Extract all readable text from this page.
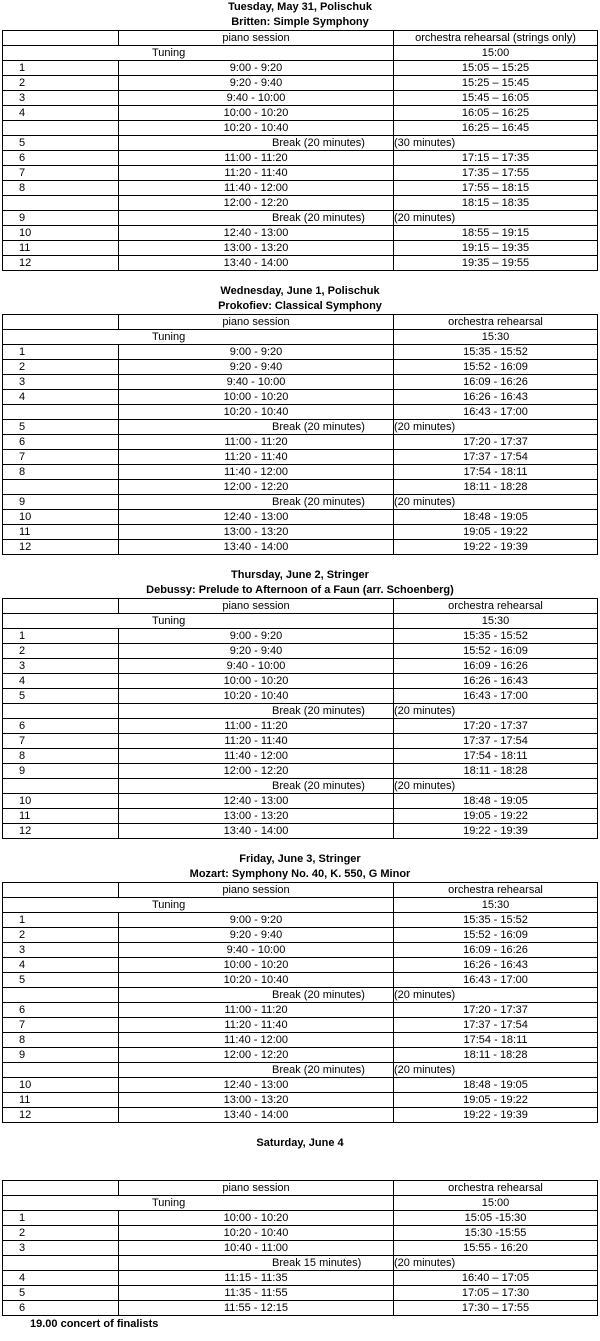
Tuesday, May 31, Polischuk
Britten: Simple Symphony
	piano session	orchestra rehearsal (strings only)
Tuning		15:00
1	9:00 - 9:20	15:05 – 15:25
2	9:20 - 9:40	15:25 – 15:45
3	9:40 - 10:00	15:45 – 16:05
4	10:00 - 10:20	16:05 – 16:25
	10:20 - 10:40	16:25 – 16:45
5	Break (20 minutes)	(30 minutes)
6	11:00 - 11:20	17:15 – 17:35
7	11:20 - 11:40	17:35 – 17:55
8	11:40 - 12:00	17:55 – 18:15
	12:00 - 12:20	18:15 – 18:35
9	Break (20 minutes)	(20 minutes)
10	12:40 - 13:00	18:55 – 19:15
11	13:00 - 13:20	19:15 – 19:35
12	13:40 - 14:00	19:35 – 19:55
Wednesday, June 1, Polischuk
Prokofiev: Classical Symphony
	piano session	orchestra rehearsal
Tuning		15:30
1	9:00 - 9:20	15:35 - 15:52
2	9:20 - 9:40	15:52 - 16:09
3	9:40 - 10:00	16:09 - 16:26
4	10:00 - 10:20	16:26 - 16:43
	10:20 - 10:40	16:43 - 17:00
5	Break (20 minutes)	(20 minutes)
6	11:00 - 11:20	17:20 - 17:37
7	11:20 - 11:40	17:37 - 17:54
8	11:40 - 12:00	17:54 - 18:11
	12:00 - 12:20	18:11 - 18:28
9	Break (20 minutes)	(20 minutes)
10	12:40 - 13:00	18:48 - 19:05
11	13:00 - 13:20	19:05 - 19:22
12	13:40 - 14:00	19:22 - 19:39
Thursday, June 2, Stringer
Debussy: Prelude to Afternoon of a Faun (arr. Schoenberg)
	piano session	orchestra rehearsal
Tuning		15:30
1	9:00 - 9:20	15:35 - 15:52
2	9:20 - 9:40	15:52 - 16:09
3	9:40 - 10:00	16:09 - 16:26
4	10:00 - 10:20	16:26 - 16:43
5	10:20 - 10:40	16:43 - 17:00
	Break (20 minutes)	(20 minutes)
6	11:00 - 11:20	17:20 - 17:37
7	11:20 - 11:40	17:37 - 17:54
8	11:40 - 12:00	17:54 - 18:11
9	12:00 - 12:20	18:11 - 18:28
	Break (20 minutes)	(20 minutes)
10	12:40 - 13:00	18:48 - 19:05
11	13:00 - 13:20	19:05 - 19:22
12	13:40 - 14:00	19:22 - 19:39
Friday, June 3, Stringer
Mozart: Symphony No. 40, K. 550, G Minor
	piano session	orchestra rehearsal
Tuning		15:30
1	9:00 - 9:20	15:35 - 15:52
2	9:20 - 9:40	15:52 - 16:09
3	9:40 - 10:00	16:09 - 16:26
4	10:00 - 10:20	16:26 - 16:43
5	10:20 - 10:40	16:43 - 17:00
	Break (20 minutes)	(20 minutes)
6	11:00 - 11:20	17:20 - 17:37
7	11:20 - 11:40	17:37 - 17:54
8	11:40 - 12:00	17:54 - 18:11
9	12:00 - 12:20	18:11 - 18:28
	Break (20 minutes)	(20 minutes)
10	12:40 - 13:00	18:48 - 19:05
11	13:00 - 13:20	19:05 - 19:22
12	13:40 - 14:00	19:22 - 19:39
Saturday, June 4
	piano session	orchestra rehearsal
Tuning		15:00
1	10:00 - 10:20	15:05 -15:30
2	10:20 - 10:40	15:30 -15:55
3	10:40 - 11:00	15:55 - 16:20
	Break 15 minutes)	(20 minutes)
4	11:15 - 11:35	16:40 – 17:05
5	11:35 - 11:55	17:05 – 17:30
6	11:55 - 12:15	17:30 – 17:55
19.00 concert of finalists
